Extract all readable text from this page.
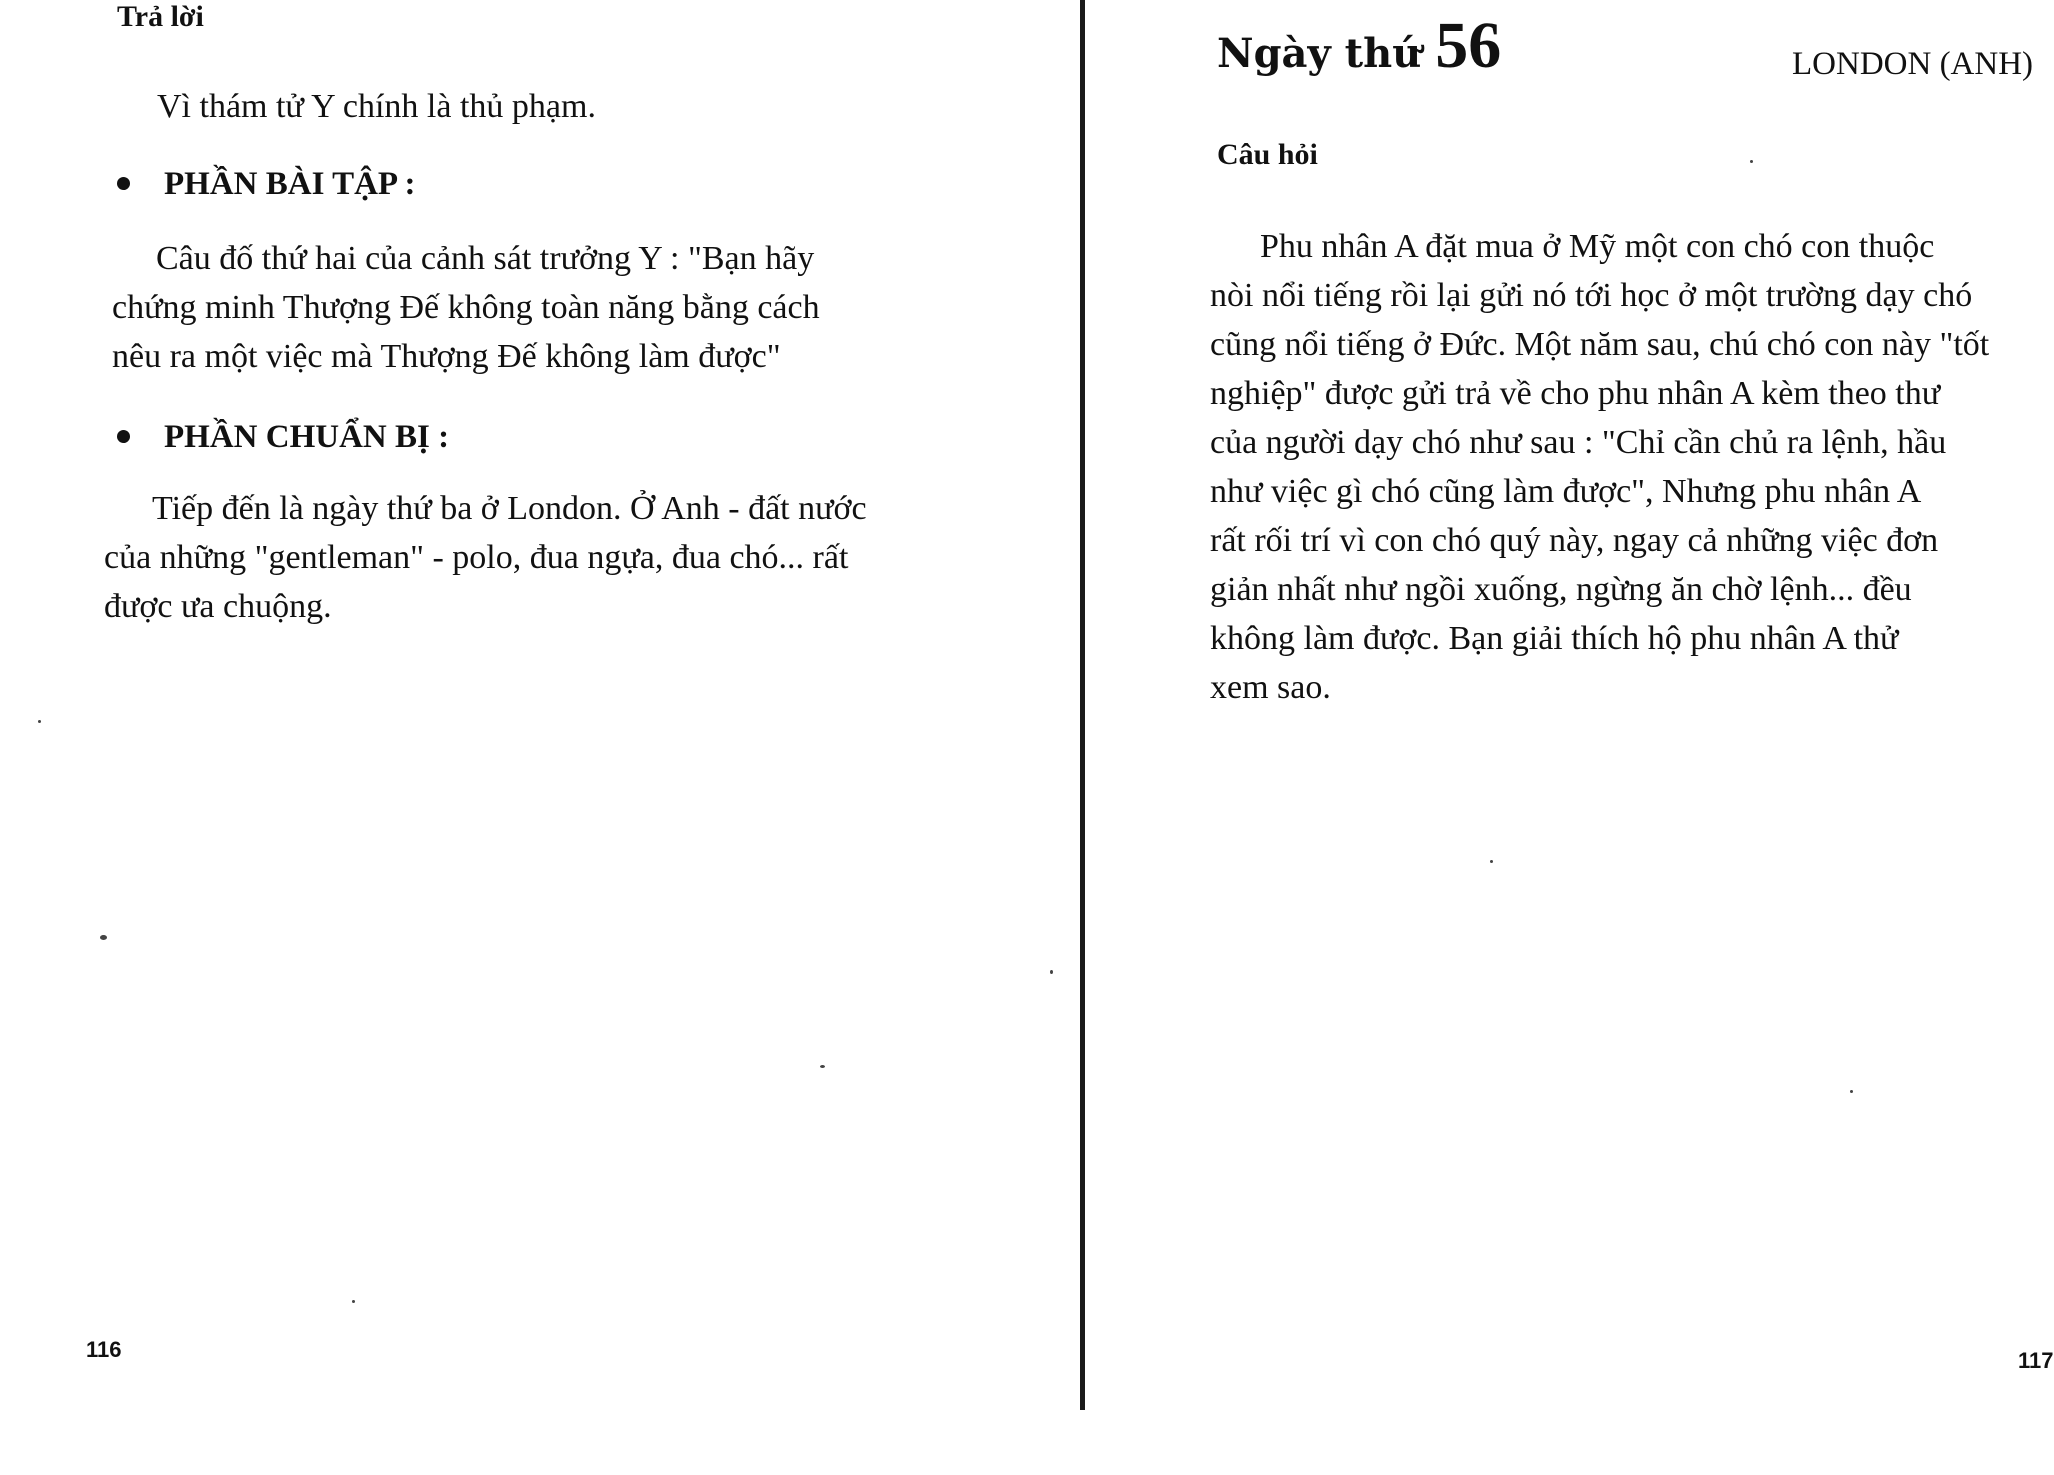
Trả lời

Vì thám tử Y chính là thủ phạm.

PHẦN BÀI TẬP :

Câu đố thứ hai của cảnh sát trưởng Y : "Bạn hãy

chứng minh Thượng Đế không toàn năng bằng cách

nêu ra một việc mà Thượng Đế không làm được"

PHẦN CHUẨN BỊ :

Tiếp đến là ngày thứ ba ở London. Ở Anh - đất nước

của những "gentleman" - polo, đua ngựa, đua chó... rất

được ưa chuộng.

116
Ngày thứ 56	LONDON (ANH)
Câu hỏi

Phu nhân A đặt mua ở Mỹ một con chó con thuộc

nòi nổi tiếng rồi lại gửi nó tới học ở một trường dạy chó

cũng nổi tiếng ở Đức. Một năm sau, chú chó con này "tốt

nghiệp" được gửi trả về cho phu nhân A kèm theo thư

của người dạy chó như sau : "Chỉ cần chủ ra lệnh, hầu

như việc gì chó cũng làm được", Nhưng phu nhân A

rất rối trí vì con chó quý này, ngay cả những việc đơn

giản nhất như ngồi xuống, ngừng ăn chờ lệnh... đều

không làm được. Bạn giải thích hộ phu nhân A thử

xem sao.

117
